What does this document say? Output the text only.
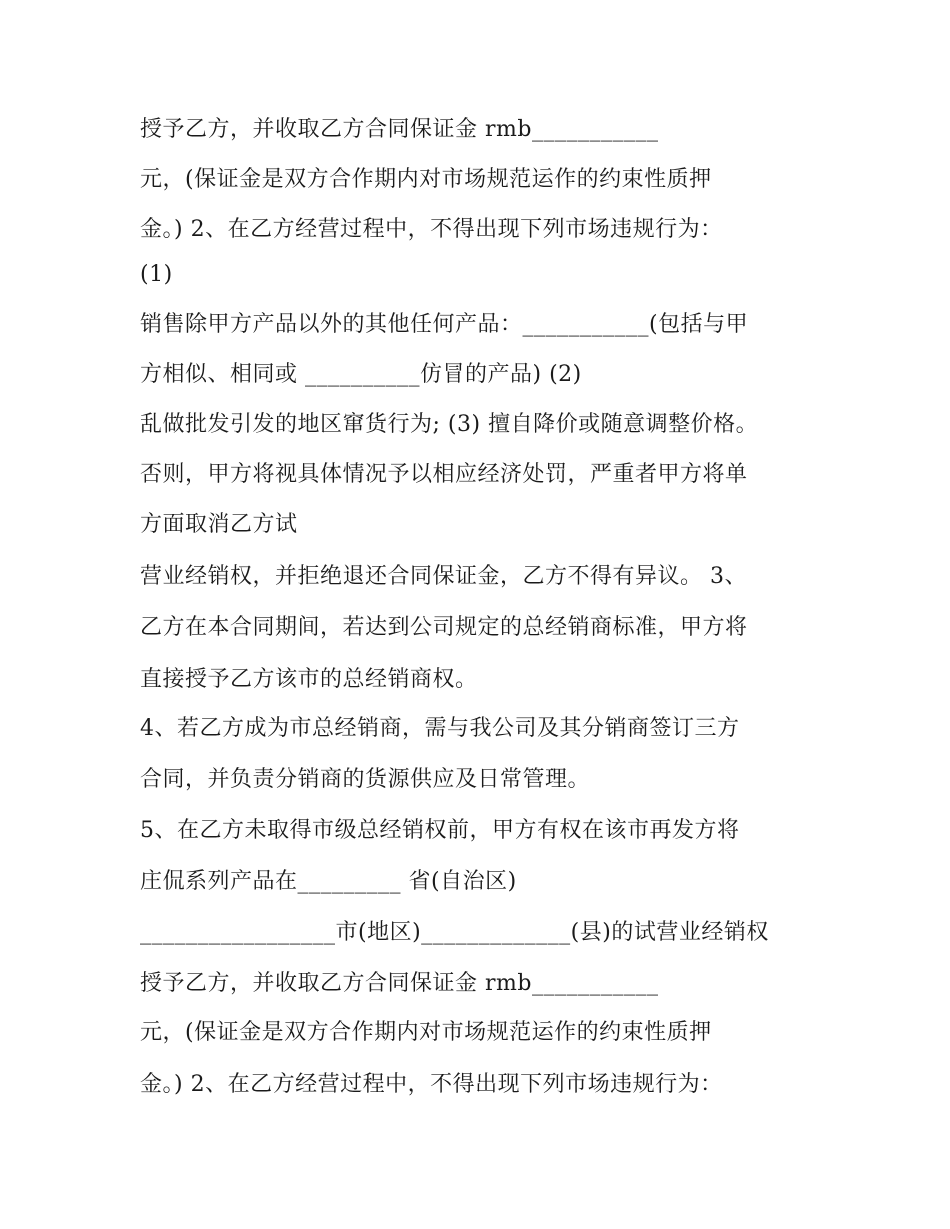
授予乙方，并收取乙方合同保证金 rmb___________
元，(保证金是双方合作期内对市场规范运作的约束性质押
金。) 2、在乙方经营过程中，不得出现下列市场违规行为：
(1)
销售除甲方产品以外的其他任何产品：___________(包括与甲
方相似、相同或 __________仿冒的产品) (2)
乱做批发引发的地区窜货行为; (3) 擅自降价或随意调整价格。
否则，甲方将视具体情况予以相应经济处罚，严重者甲方将单
方面取消乙方试
营业经销权，并拒绝退还合同保证金，乙方不得有异议。 3、
乙方在本合同期间，若达到公司规定的总经销商标准，甲方将
直接授予乙方该市的总经销商权。
4、若乙方成为市总经销商，需与我公司及其分销商签订三方
合同，并负责分销商的货源供应及日常管理。
5、在乙方未取得市级总经销权前，甲方有权在该市再发方将
庄侃系列产品在_________ 省(自治区)
_________________市(地区)_____________(县)的试营业经销权
授予乙方，并收取乙方合同保证金 rmb___________
元，(保证金是双方合作期内对市场规范运作的约束性质押
金。) 2、在乙方经营过程中，不得出现下列市场违规行为：
